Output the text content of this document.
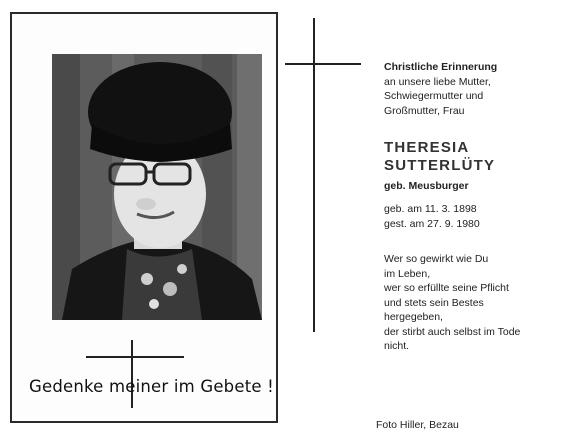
Gedenke meiner im Gebete !
Christliche Erinnerung
an unsere liebe Mutter,
Schwiegermutter und
Großmutter, Frau
THERESIA
SUTTERLÜTY
geb. Meusburger
geb. am 11. 3. 1898
gest. am 27. 9. 1980
Wer so gewirkt wie Du
im Leben,
wer so erfüllte seine Pflicht
und stets sein Bestes
hergegeben,
der stirbt auch selbst im Tode
nicht.
Foto Hiller, Bezau
